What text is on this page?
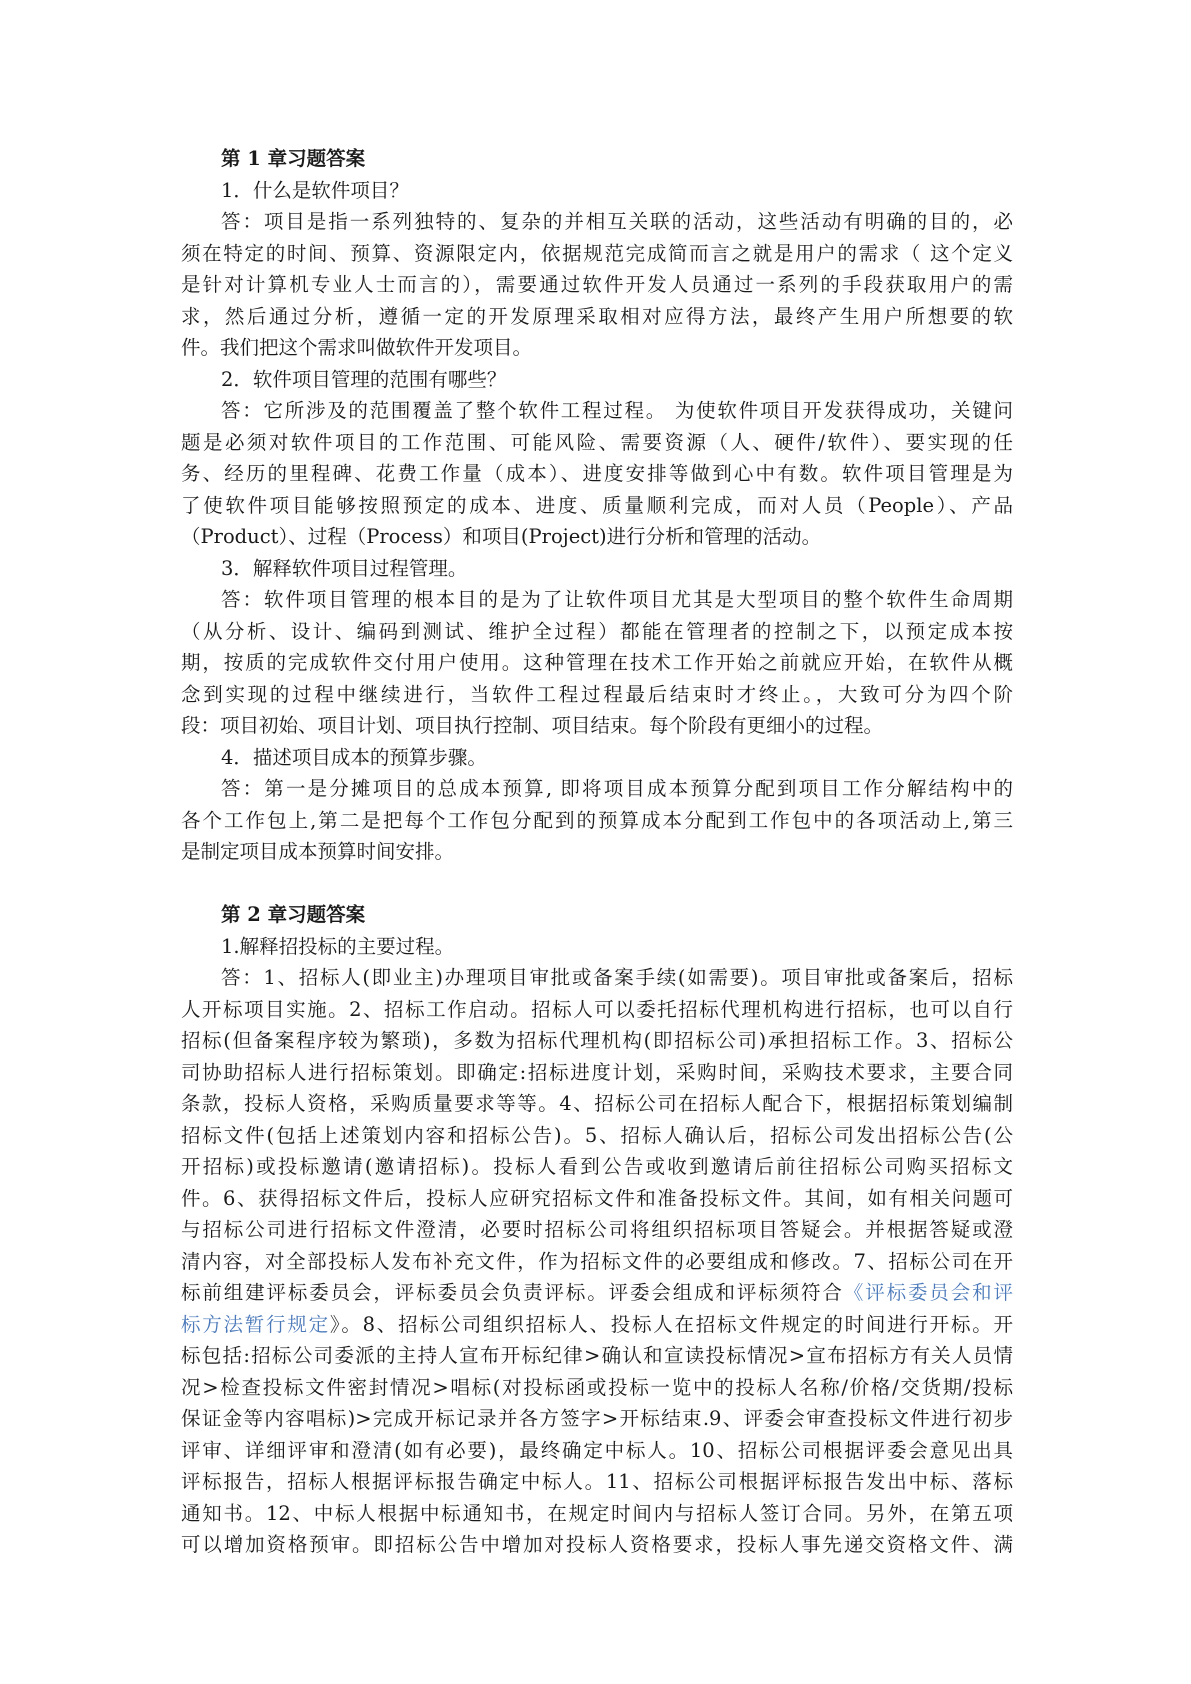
第 1 章习题答案
1．什么是软件项目？
答：项目是指一系列独特的、复杂的并相互关联的活动，这些活动有明确的目的，必
须在特定的时间、预算、资源限定内，依据规范完成简而言之就是用户的需求（ 这个定义
是针对计算机专业人士而言的），需要通过软件开发人员通过一系列的手段获取用户的需
求，然后通过分析，遵循一定的开发原理采取相对应得方法，最终产生用户所想要的软
件。我们把这个需求叫做软件开发项目。
2．软件项目管理的范围有哪些？
答：它所涉及的范围覆盖了整个软件工程过程。 为使软件项目开发获得成功，关键问
题是必须对软件项目的工作范围、可能风险、需要资源（人、硬件/软件）、要实现的任
务、经历的里程碑、花费工作量（成本）、进度安排等做到心中有数。软件项目管理是为
了使软件项目能够按照预定的成本、进度、质量顺利完成，而对人员（People）、产品
（Product）、过程（Process）和项目(Project)进行分析和管理的活动。
3．解释软件项目过程管理。
答：软件项目管理的根本目的是为了让软件项目尤其是大型项目的整个软件生命周期
（从分析、设计、编码到测试、维护全过程）都能在管理者的控制之下，以预定成本按
期，按质的完成软件交付用户使用。这种管理在技术工作开始之前就应开始，在软件从概
念到实现的过程中继续进行，当软件工程过程最后结束时才终止。，大致可分为四个阶
段：项目初始、项目计划、项目执行控制、项目结束。每个阶段有更细小的过程。
4．描述项目成本的预算步骤。
答：第一是分摊项目的总成本预算, 即将项目成本预算分配到项目工作分解结构中的
各个工作包上,第二是把每个工作包分配到的预算成本分配到工作包中的各项活动上,第三
是制定项目成本预算时间安排。
第 2 章习题答案
1.解释招投标的主要过程。
答：1、招标人(即业主)办理项目审批或备案手续(如需要)。项目审批或备案后，招标
人开标项目实施。2、招标工作启动。招标人可以委托招标代理机构进行招标，也可以自行
招标(但备案程序较为繁琐)，多数为招标代理机构(即招标公司)承担招标工作。3、招标公
司协助招标人进行招标策划。即确定:招标进度计划，采购时间，采购技术要求，主要合同
条款，投标人资格，采购质量要求等等。4、招标公司在招标人配合下，根据招标策划编制
招标文件(包括上述策划内容和招标公告)。5、招标人确认后，招标公司发出招标公告(公
开招标)或投标邀请(邀请招标)。投标人看到公告或收到邀请后前往招标公司购买招标文
件。6、获得招标文件后，投标人应研究招标文件和准备投标文件。其间，如有相关问题可
与招标公司进行招标文件澄清，必要时招标公司将组织招标项目答疑会。并根据答疑或澄
清内容，对全部投标人发布补充文件，作为招标文件的必要组成和修改。7、招标公司在开
标前组建评标委员会，评标委员会负责评标。评委会组成和评标须符合《评标委员会和评
标方法暂行规定》。8、招标公司组织招标人、投标人在招标文件规定的时间进行开标。开
标包括:招标公司委派的主持人宣布开标纪律>确认和宣读投标情况>宣布招标方有关人员情
况>检查投标文件密封情况>唱标(对投标函或投标一览中的投标人名称/价格/交货期/投标
保证金等内容唱标)>完成开标记录并各方签字>开标结束.9、评委会审查投标文件进行初步
评审、详细评审和澄清(如有必要)，最终确定中标人。10、招标公司根据评委会意见出具
评标报告，招标人根据评标报告确定中标人。11、招标公司根据评标报告发出中标、落标
通知书。12、中标人根据中标通知书，在规定时间内与招标人签订合同。另外，在第五项
可以增加资格预审。即招标公告中增加对投标人资格要求，投标人事先递交资格文件、满
